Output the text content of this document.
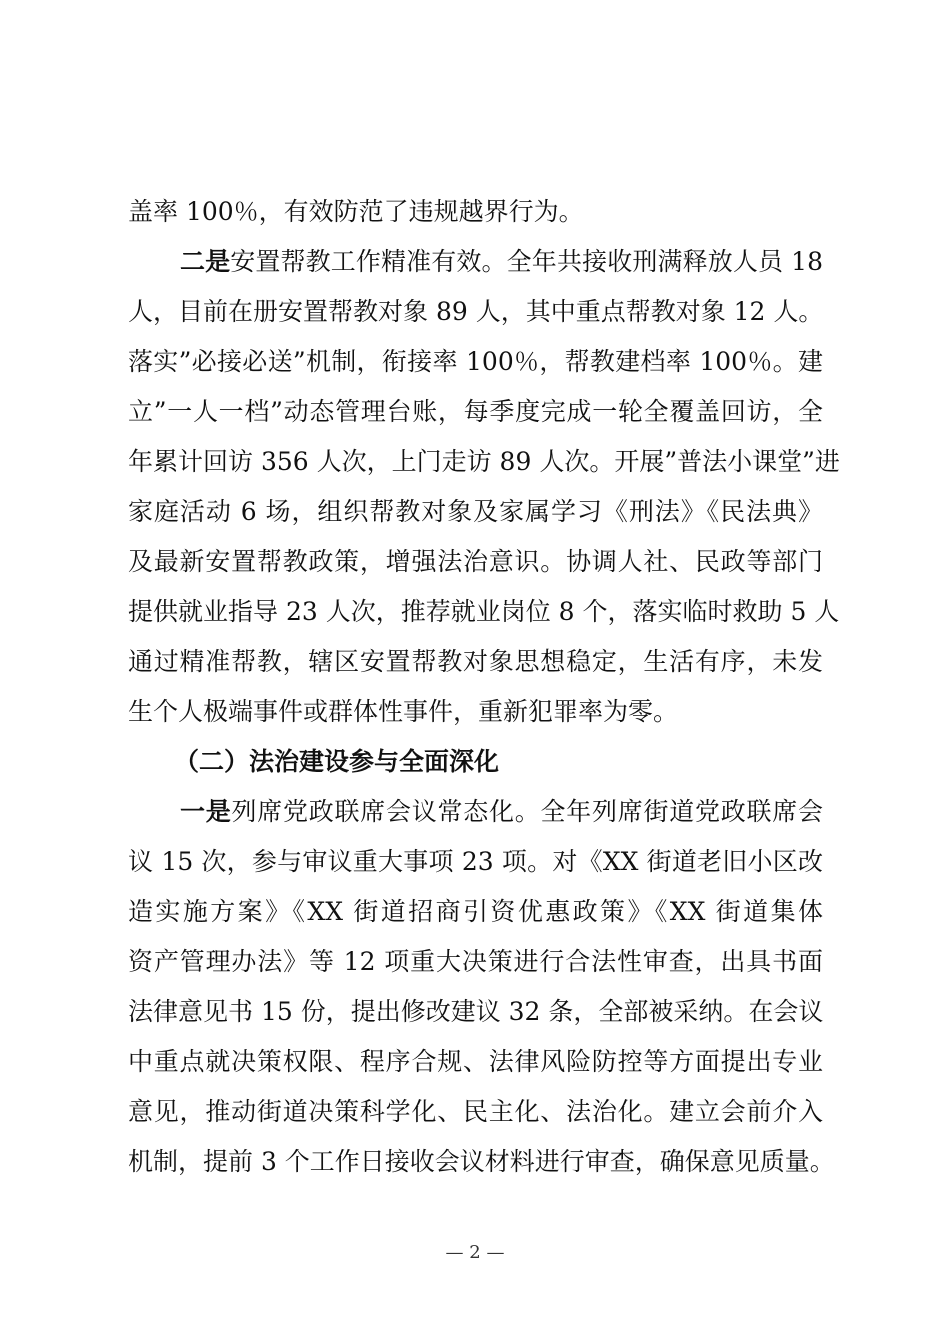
盖率 100％，有效防范了违规越界行为。
二是安置帮教工作精准有效。全年共接收刑满释放人员 18
人，目前在册安置帮教对象 89 人，其中重点帮教对象 12 人。
落实”必接必送”机制，衔接率 100％，帮教建档率 100％。建
立”一人一档”动态管理台账，每季度完成一轮全覆盖回访，全
年累计回访 356 人次，上门走访 89 人次。开展”普法小课堂”进
家庭活动 6 场，组织帮教对象及家属学习《刑法》《民法典》
及最新安置帮教政策，增强法治意识。协调人社、民政等部门
提供就业指导 23 人次，推荐就业岗位 8 个，落实临时救助 5 人
通过精准帮教，辖区安置帮教对象思想稳定，生活有序，未发
生个人极端事件或群体性事件，重新犯罪率为零。
（二）法治建设参与全面深化
一是列席党政联席会议常态化。全年列席街道党政联席会
议 15 次，参与审议重大事项 23 项。对《XX 街道老旧小区改
造实施方案》《XX 街道招商引资优惠政策》《XX 街道集体
资产管理办法》等 12 项重大决策进行合法性审查，出具书面
法律意见书 15 份，提出修改建议 32 条，全部被采纳。在会议
中重点就决策权限、程序合规、法律风险防控等方面提出专业
意见，推动街道决策科学化、民主化、法治化。建立会前介入
机制，提前 3 个工作日接收会议材料进行审查，确保意见质量。
— 2 —
